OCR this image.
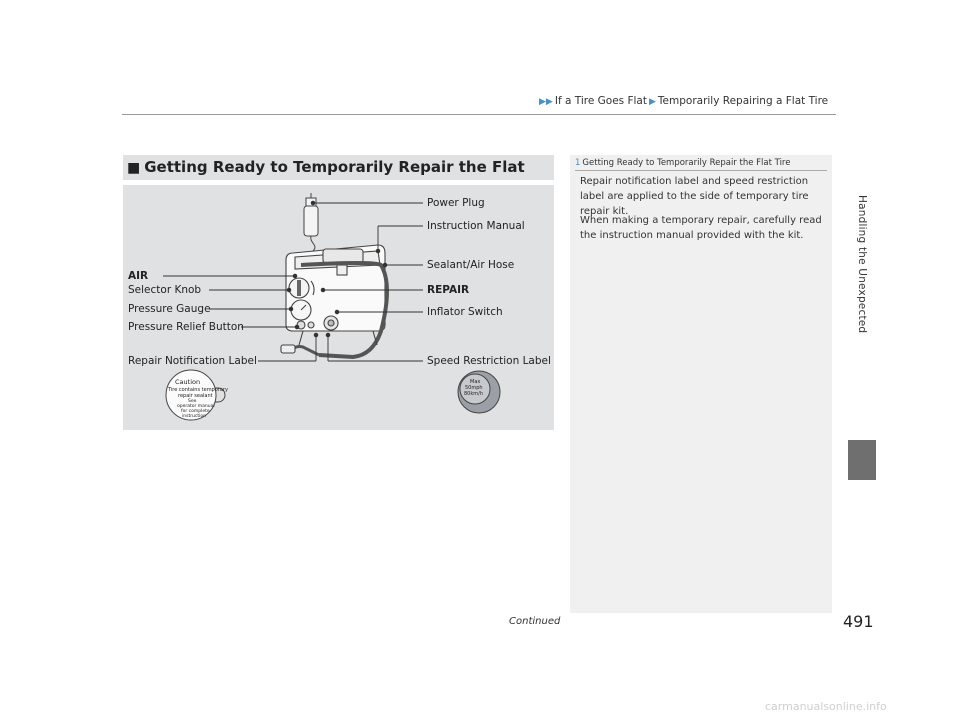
▶▶ If a Tire Goes Flat ▶ Temporarily Repairing a Flat Tire
Handling the Unexpected
■ Getting Ready to Temporarily Repair the Flat
Caution
Tire contains temporary
repair sealant
See
operator manual
for complete
instruction
Max
50mph
80km/h
Power Plug
Instruction Manual
Sealant/Air Hose
AIR
Selector Knob	REPAIR
Pressure Gauge	Inflator Switch
Pressure Relief Button
Repair Notification Label	Speed Restriction Label
1 Getting Ready to Temporarily Repair the Flat Tire
Repair notification label and speed restriction label are applied to the side of temporary tire repair kit.
When making a temporary repair, carefully read the instruction manual provided with the kit.
Continued	491
carmanualsonline.info
